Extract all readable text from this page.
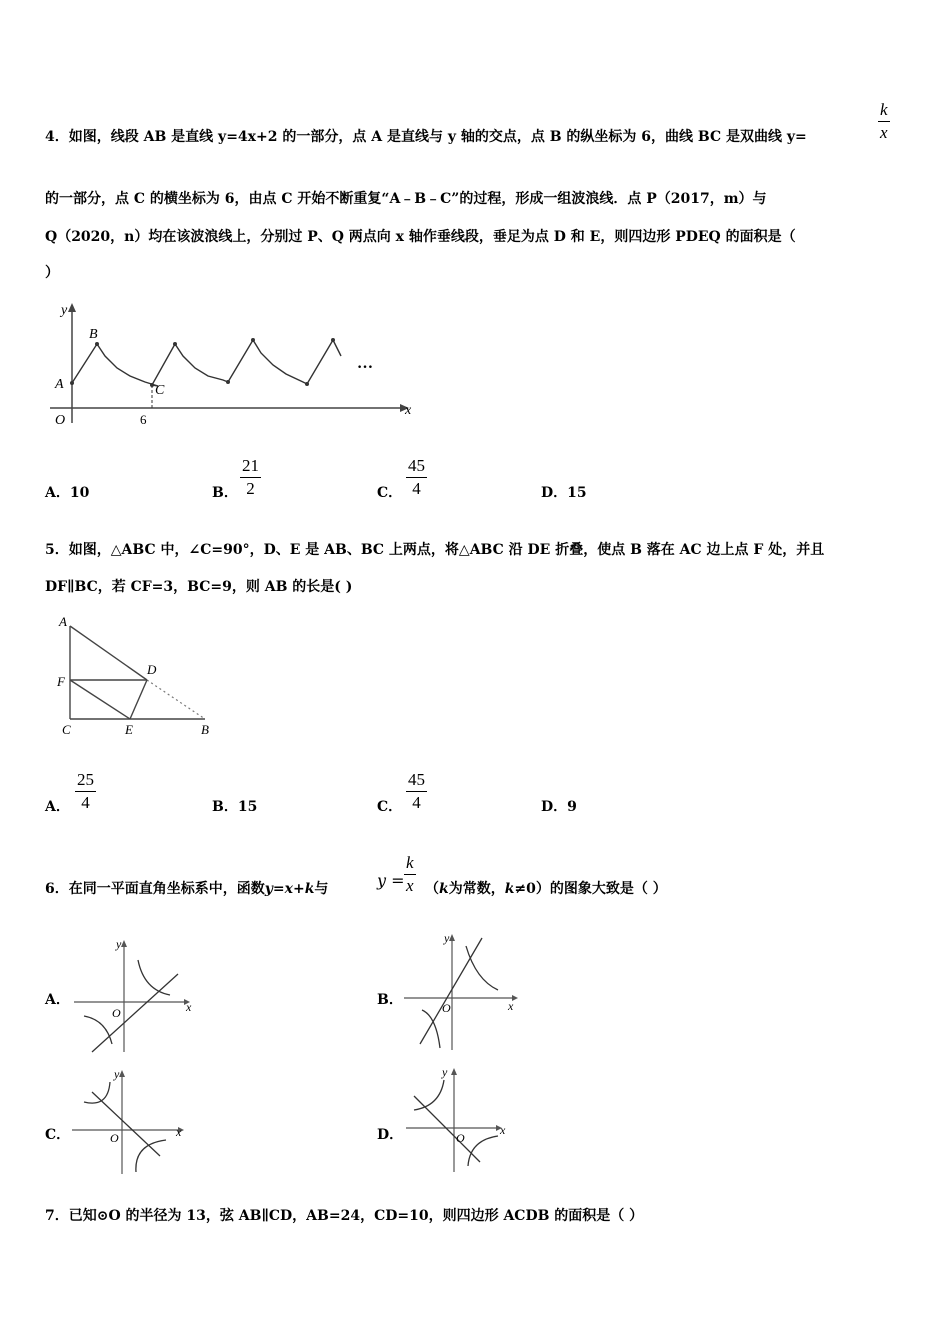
k
x
4．如图，线段 AB 是直线 y=4x+2 的一部分，点 A 是直线与 y 轴的交点，点 B 的纵坐标为 6，曲线 BC 是双曲线 y=
的一部分，点 C 的横坐标为 6，由点 C 开始不断重复“A﹣B﹣C”的过程，形成一组波浪线．点 P（2017，m）与
Q（2020，n）均在该波浪线上，分别过 P、Q 两点向 x 轴作垂线段，垂足为点 D 和 E，则四边形 PDEQ 的面积是（
）
y
x
O
A
B
C
6
…
A．10	B．
21
2	C．
45
4	D．15
5．如图，△ABC 中，∠C=90°，D、E 是 AB、BC 上两点，将△ABC 沿 DE 折叠，使点 B 落在 AC 边上点 F 处，并且
DF∥BC，若 CF=3，BC=9，则 AB 的长是( )
A
D
F
C	E	B
A．
25
4	B．15	C．
45
4	D．9
6．在同一平面直角坐标系中，函数y=x+k与	y =
k
x （k为常数，k≠0）的图象大致是（ ）
A．	B．
C．	D．
y
x
O
y
x
O
y
x
O
y
x
O
7．已知⊙O 的半径为 13，弦 AB∥CD，AB=24，CD=10，则四边形 ACDB 的面积是（ ）
